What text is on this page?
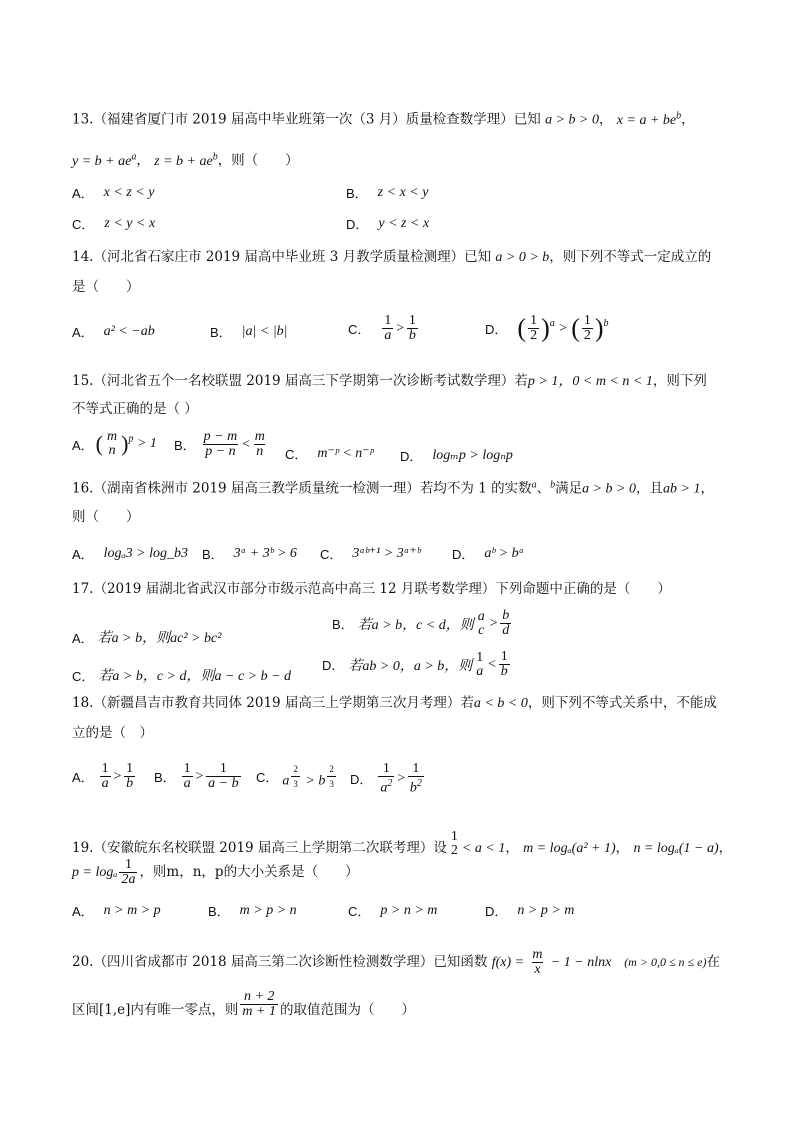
13.（福建省厦门市 2019 届高中毕业班第一次（3 月）质量检查数学理）已知 a > b > 0， $x = a + be^b$，
$y = b + ae^a$， $z = b + ae^b$，则（　　）
A． x < z < y	B． z < x < y
C． z < y < x	D． y < z < x
14.（河北省石家庄市 2019 届高中毕业班 3 月教学质量检测理）已知 a > 0 > b，则下列不等式一定成立的
是（　　）
A． a² < −ab	B． |a| < |b|	C． $\frac{1}{a} > \frac{1}{b}$	D． ( $\frac{1}{2} )^a$ > ( $\frac{1}{2} )^b$
15.（河北省五个一名校联盟 2019 届高三下学期第一次诊断考试数学理）若p > 1，0 < m < n < 1，则下列
不等式正确的是（ ）
A． ( m
n )$^p$ > 1 B． $\frac{p - m}{p - n} < \frac{m}{n}$ C． m⁻ᵖ < n⁻ᵖ D． logₘp > logₙp
16.（湖南省株洲市 2019 届高三教学质量统一检测一理）若均不为 1 的实数$^a$、$^b$满足a > b > 0，且ab > 1，
则（　　）
A． logₐ3 > log_b3 B． 3ᵃ + 3ᵇ > 6 C． 3ᵃᵇ⁺¹ > 3ᵃ⁺ᵇ D． aᵇ > bᵃ
17.（2019 届湖北省武汉市部分市级示范高中高三 12 月联考数学理）下列命题中正确的是（　　）
A． 若a > b，则ac² > bc²
B． 若a > b，c < d，则
a
$c > \frac{b}{d}$
C． 若a > b，c > d，则a − c > b − d
D． 若ab > 0，a > b，则
1
$a < \frac{1}{b}$
18.（新疆昌吉市教育共同体 2019 届高三上学期第三次月考理）若a < b < 0，则下列不等式关系中，不能成
立的是（　）
A． $\frac{1}{a} > \frac{1}{b}$ B． $\frac{1}{a} > \frac{1}{a - b}$ C． a $^{\frac{2}{3}}$ > b $^{\frac{2}{3}}$ D． $\frac{1}{a^2} > \frac{1}{b^2}$
19.（安徽皖东名校联盟 2019 届高三上学期第二次联考理）设
1
2 < a < 1， m = logₐ(a² + 1)， n = logₐ(1 − a)，
p = logₐ $\frac{1}{2a}$ ，则m，n，p的大小关系是（　　）
A． n > m > p	B． m > p > n	C． p > n > m	D． n > p > m
20.（四川省成都市 2018 届高三第二次诊断性检测数学理）已知函数 $f(x) = \frac{m}{x} - 1 - nlnx$ (m > 0,0 ≤ n ≤ e)在
区间[1,e]内有唯一零点，则 $\frac{n + 2}{m + 1}$ 的取值范围为（　　）
